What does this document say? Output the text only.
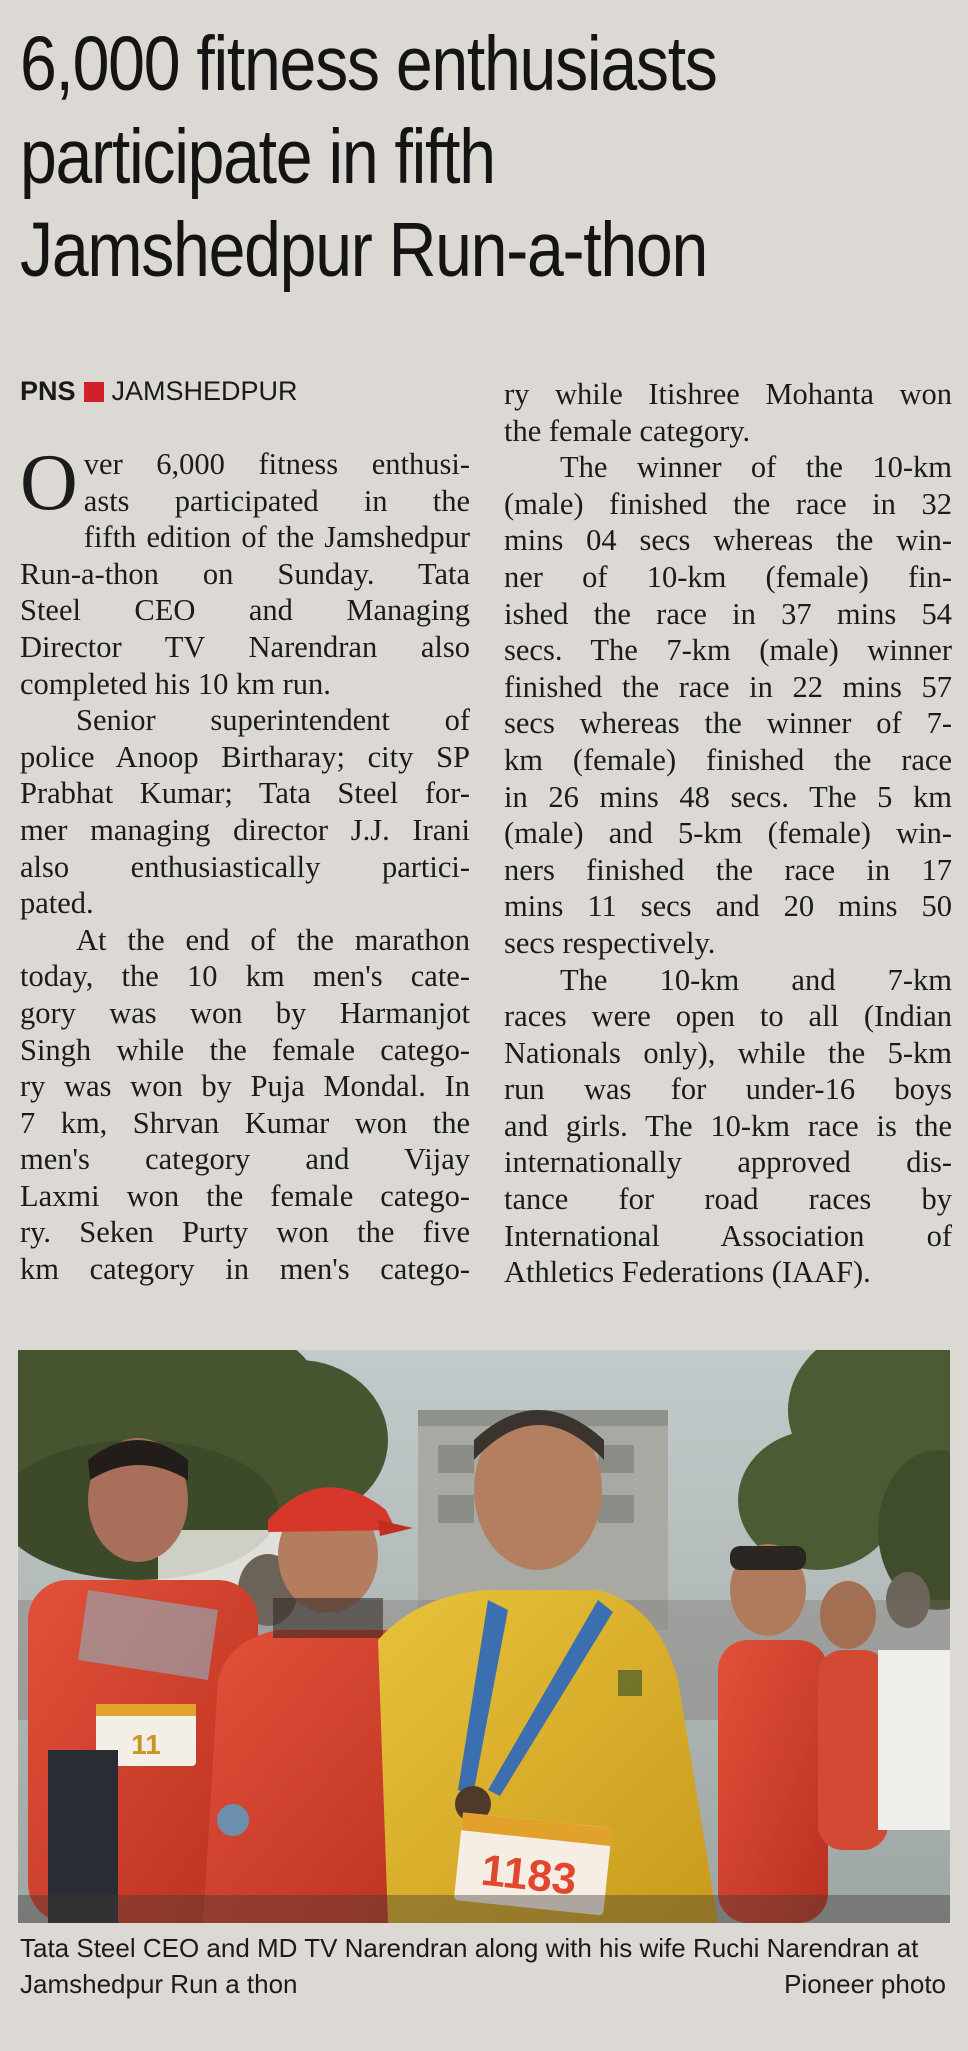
6,000 fitness enthusiasts
participate in fifth
Jamshedpur Run-a-thon
PNS JAMSHEDPUR
O ver 6,000 fitness enthusi-
asts participated in the
fifth edition of the Jamshedpur
Run-a-thon on Sunday. Tata
Steel CEO and Managing
Director TV Narendran also
completed his 10 km run.
Senior superintendent of
police Anoop Birtharay; city SP
Prabhat Kumar; Tata Steel for-
mer managing director J.J. Irani
also enthusiastically partici-
pated.
At the end of the marathon
today, the 10 km men's cate-
gory was won by Harmanjot
Singh while the female catego-
ry was won by Puja Mondal. In
7 km, Shrvan Kumar won the
men's category and Vijay
Laxmi won the female catego-
ry. Seken Purty won the five
km category in men's catego-
ry while Itishree Mohanta won
the female category.
The winner of the 10-km
(male) finished the race in 32
mins 04 secs whereas the win-
ner of 10-km (female) fin-
ished the race in 37 mins 54
secs. The 7-km (male) winner
finished the race in 22 mins 57
secs whereas the winner of 7-
km (female) finished the race
in 26 mins 48 secs. The 5 km
(male) and 5-km (female) win-
ners finished the race in 17
mins 11 secs and 20 mins 50
secs respectively.
The 10-km and 7-km
races were open to all (Indian
Nationals only), while the 5-km
run was for under-16 boys
and girls. The 10-km race is the
internationally approved dis-
tance for road races by
International Association of
Athletics Federations (IAAF).
11
1183
Tata Steel CEO and MD TV Narendran along with his wife Ruchi Narendran at
Jamshedpur Run a thon	Pioneer photo
